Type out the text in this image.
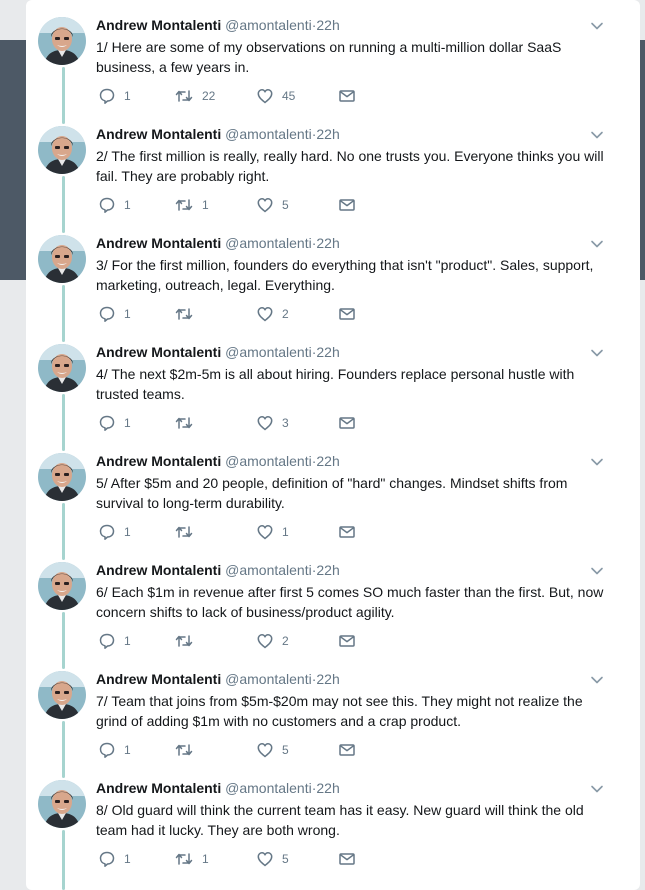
Andrew Montalenti @amontalenti·22h
1/ Here are some of my observations on running a multi-million dollar SaaS business, a few years in.
1	22	45
Andrew Montalenti @amontalenti·22h
2/ The first million is really, really hard. No one trusts you. Everyone thinks you will fail. They are probably right.
1	1	5
Andrew Montalenti @amontalenti·22h
3/ For the first million, founders do everything that isn't "product". Sales, support, marketing, outreach, legal. Everything.
1	2
Andrew Montalenti @amontalenti·22h
4/ The next $2m-5m is all about hiring. Founders replace personal hustle with trusted teams.
1	3
Andrew Montalenti @amontalenti·22h
5/ After $5m and 20 people, definition of "hard" changes. Mindset shifts from survival to long-term durability.
1	1
Andrew Montalenti @amontalenti·22h
6/ Each $1m in revenue after first 5 comes SO much faster than the first. But, now concern shifts to lack of business/product agility.
1	2
Andrew Montalenti @amontalenti·22h
7/ Team that joins from $5m-$20m may not see this. They might not realize the grind of adding $1m with no customers and a crap product.
1	5
Andrew Montalenti @amontalenti·22h
8/ Old guard will think the current team has it easy. New guard will think the old team had it lucky. They are both wrong.
1	1	5
